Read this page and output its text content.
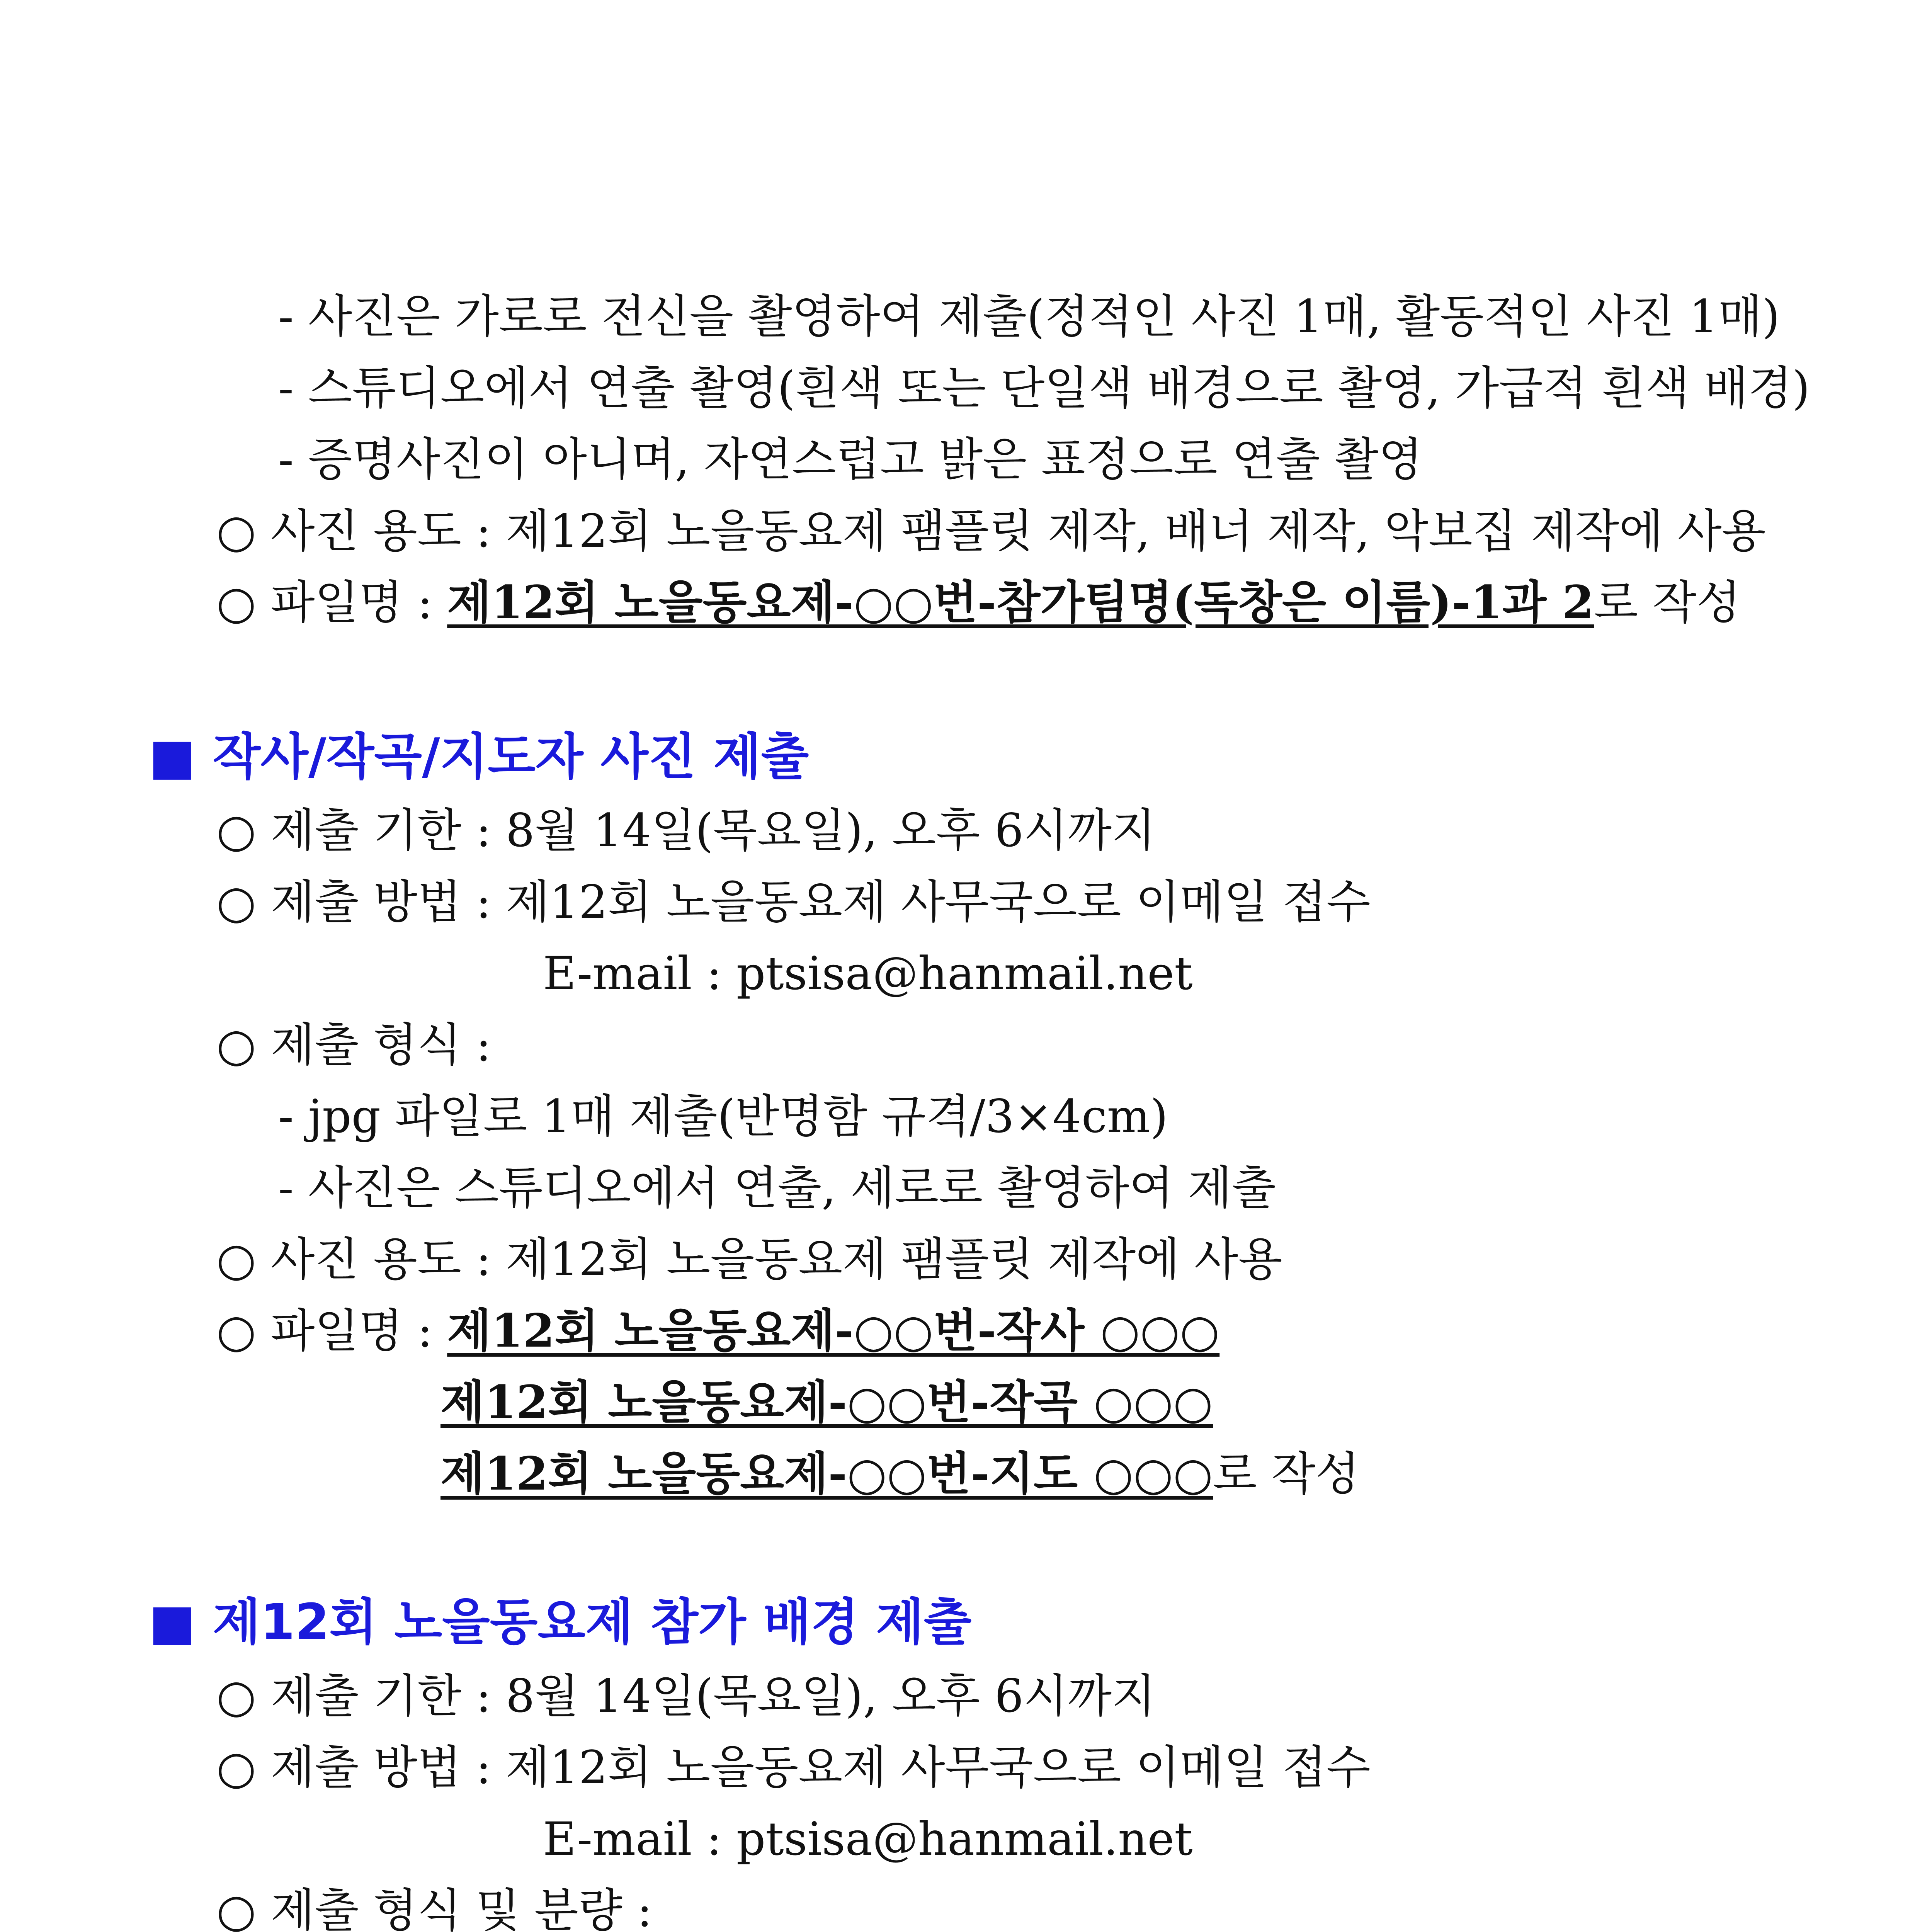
- 사진은 가로로 전신을 촬영하여 제출(정적인 사진 1매, 활동적인 사진 1매)
- 스튜디오에서 연출 촬영(흰색 또는 단일색 배경으로 촬영, 가급적 흰색 배경)
- 증명사진이 아니며, 자연스럽고 밝은 표정으로 연출 촬영
○ 사진 용도 : 제12회 노을동요제 팸플릿 제작, 배너 제작, 악보집 제작에 사용
○ 파일명 : 제12회 노을동요제-○○번-참가팀명(독창은 이름)-1과 2로 작성
■ 작사/작곡/지도자 사진 제출
○ 제출 기한 : 8월 14일(목요일), 오후 6시까지
○ 제출 방법 : 제12회 노을동요제 사무국으로 이메일 접수
E-mail : ptsisa@hanmail.net
○ 제출 형식 :
- jpg 파일로 1매 제출(반명함 규격/3×4cm)
- 사진은 스튜디오에서 연출, 세로로 촬영하여 제출
○ 사진 용도 : 제12회 노을동요제 팸플릿 제작에 사용
○ 파일명 : 제12회 노을동요제-○○번-작사 ○○○
제12회 노을동요제-○○번-작곡 ○○○
제12회 노을동요제-○○번-지도 ○○○로 작성
■ 제12회 노을동요제 참가 배경 제출
○ 제출 기한 : 8월 14일(목요일), 오후 6시까지
○ 제출 방법 : 제12회 노을동요제 사무국으로 이메일 접수
E-mail : ptsisa@hanmail.net
○ 제출 형식 및 분량 :
